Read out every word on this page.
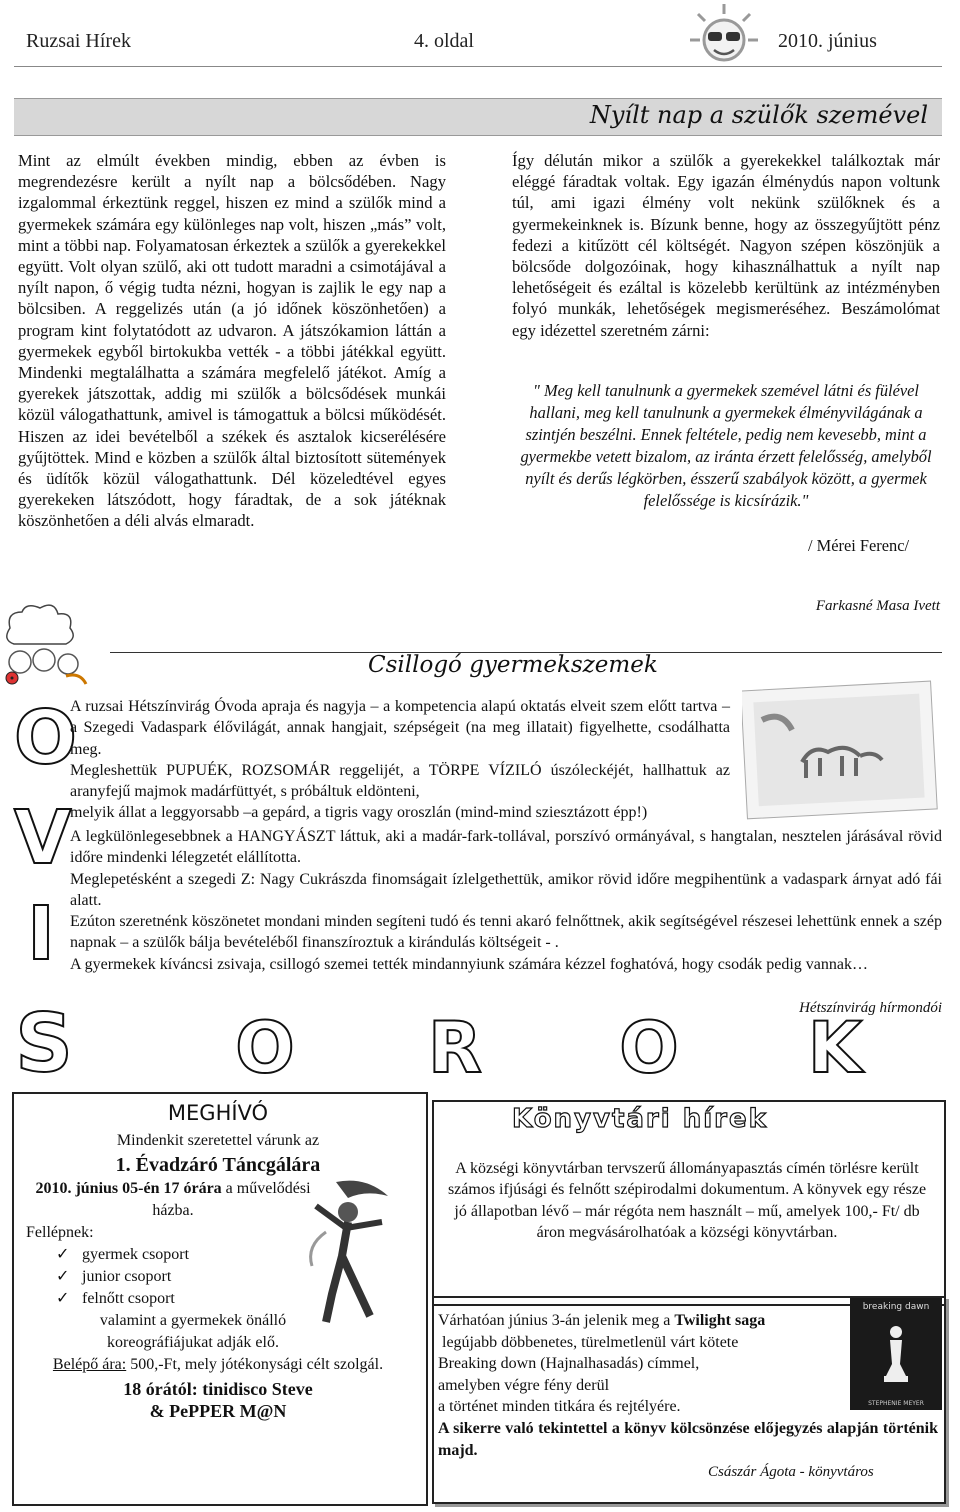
Ruzsai Hírek	4. oldal	2010. június
Nyílt nap a szülők szemével

Mint az elmúlt években mindig, ebben az évben is megrendezésre került a nyílt nap a bölcsődében. Nagy izgalommal érkeztünk reggel, hiszen ez mind a szülők mind a gyermekek számára egy különleges nap volt, hiszen „más” volt, mint a többi nap. Folyamatosan érkeztek a szülők a gyerekekkel együtt. Volt olyan szülő, aki ott tudott maradni a csimotájával a nyílt napon, ő végig tudta nézni, hogyan is zajlik le egy nap a bölcsiben. A reggelizés után (a jó időnek köszönhetően) a program kint folytatódott az udvaron. A játszókamion láttán a gyermekek egyből birtokukba vették - a többi játékkal együtt. Mindenki megtalálhatta a számára megfelelő játékot. Amíg a gyerekek játszottak, addig mi szülők a bölcsődések munkái közül válogathattunk, amivel is támogattuk a bölcsi működését. Hiszen az idei bevételből a székek és asztalok kicserélésére gyűjtöttek. Mind e közben a szülők által biztosított sütemények és üdítők közül válogathattunk. Dél közeledtével egyes gyerekeken látszódott, hogy fáradtak, de a sok játéknak köszönhetően a déli alvás elmaradt.

Így délután mikor a szülők a gyerekekkel találkoztak már eléggé fáradtak voltak. Egy igazán élménydús napon voltunk túl, ami igazi élmény volt nekünk szülőknek és a gyermekeinknek is. Bízunk benne, hogy az összegyűjtött pénz fedezi a kitűzött cél költségét. Nagyon szépen köszönjük a bölcsőde dolgozóinak, hogy kihasználhattuk a nyílt nap lehetőségeit és ezáltal is közelebb kerültünk az intézményben folyó munkák, lehetőségek megismeréséhez. Beszámolómat egy idézettel szeretném zárni:

" Meg kell tanulnunk a gyermekek szemével látni és fülével hallani, meg kell tanulnunk a gyermekek élményvilágának a szintjén beszélni. Ennek feltétele, pedig nem kevesebb, mint a gyermekbe vetett bizalom, az iránta érzett felelősség, amelyből nyílt és derűs légkörben, ésszerű szabályok között, a gyermek felelőssége is kicsírázik."
/ Mérei Ferenc/
Farkasné Masa Ivett
Csillogó gyermekszemek
O
V
I
S O R O K

A ruzsai Hétszínvirág Óvoda apraja és nagyja – a kompetencia alapú oktatás elveit szem előtt tartva – a Szegedi Vadaspark élővilágát, annak hangjait, szépségeit (na meg illatait) figyelhette, csodálhatta meg.

Megleshettük PUPUÉK, ROZSOMÁR reggelijét, a TÖRPE VÍZILÓ úszóleckéjét, hallhattuk az aranyfejű majmok madárfüttyét, s próbáltuk eldönteni,

melyik állat a leggyorsabb –a gepárd, a tigris vagy oroszlán (mind-mind sziesztázott épp!)

A legkülönlegesebbnek a HANGYÁSZT láttuk, aki a madár-fark-tollával, porszívó ormányával, s hangtalan, nesztelen járásával rövid időre mindenki lélegzetét elállította.

Meglepetésként a szegedi Z: Nagy Cukrászda finomságait ízlelgethettük, amikor rövid időre megpihentünk a vadaspark árnyat adó fái alatt.

Ezúton szeretnénk köszönetet mondani minden segíteni tudó és tenni akaró felnőttnek, akik segítségével részesei lehettünk ennek a szép napnak – a szülők bálja bevételéből finanszíroztuk a kirándulás költségeit - .

A gyermekek kíváncsi zsivaja, csillogó szemei tették mindannyiunk számára kézzel foghatóvá, hogy csodák pedig vannak…

Hétszínvirág hírmondói
MEGHÍVÓ
Mindenkit szeretettel várunk az
1. Évadzáró Táncgálára
2010. június 05-én 17 órára a művelődési házba.
Fellépnek:
✓ gyermek csoport
✓ junior csoport
✓ felnőtt csoport
valamint a gyermekek önálló koreográfiájukat adják elő.
Belépő ára: 500,-Ft, mely jótékonysági célt szolgál.
18 órától: tinidisco Steve
& PePPER M@N
Könyvtári hírek
A községi könyvtárban tervszerű állományapasztás címén törlésre került számos ifjúsági és felnőtt szépirodalmi dokumentum. A könyvek egy része jó állapotban lévő – már régóta nem használt – mű, amelyek 100,- Ft/ db áron megvásárolhatóak a községi könyvtárban.
Várhatóan június 3-án jelenik meg a Twilight saga
legújabb döbbenetes, türelmetlenül várt kötete
Breaking down (Hajnalhasadás) címmel,
amelyben végre fény derül
a történet minden titkára és rejtélyére.
A sikerre való tekintettel a könyv kölcsönzése előjegyzés alapján történik majd.
Császár Ágota - könyvtáros
breaking dawn
STEPHENIE MEYER
